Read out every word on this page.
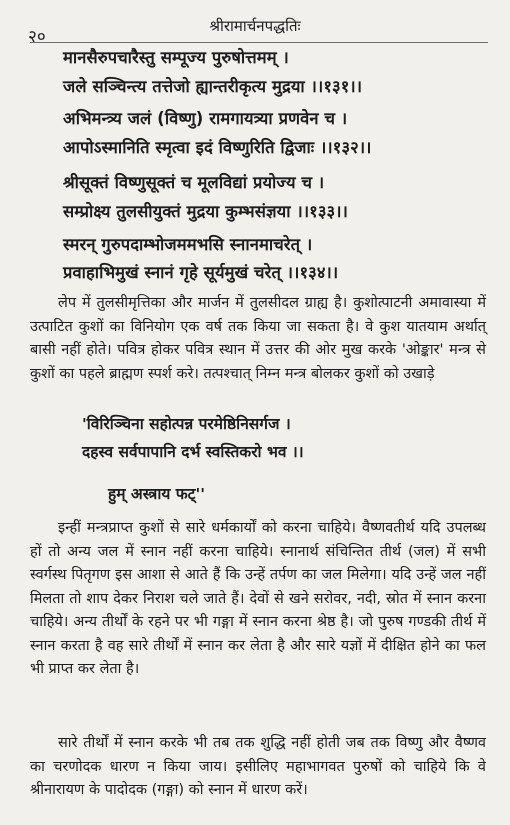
२०
श्रीरामार्चनपद्धतिः
मानसैरुपचारैस्तु सम्पूज्य पुरुषोत्तमम् ।
जले सञ्चिन्त्य तत्तेजो ह्यान्तरीकृत्य मुद्रया ।।१३१।।
अभिमन्त्र्य जलं (विष्णु) रामगायत्र्या प्रणवेन च ।
आपोऽस्मानिति स्मृत्वा इदं विष्णुरिति द्विजाः ।।१३२।।
श्रीसूक्तं विष्णुसूक्तं च मूलविद्यां प्रयोज्य च ।
सम्प्रोक्ष्य तुलसीयुक्तं मुद्रया कुम्भसंज्ञया ।।१३३।।
स्मरन् गुरुपदाम्भोजममभसि स्नानमाचरेत् ।
प्रवाहाभिमुखं स्नानं गृहे सूर्यमुखं चरेत् ।।१३४।।
लेप में तुलसीमृत्तिका और मार्जन में तुलसीदल ग्राह्य है। कुशोत्पाटनी अमावास्या में उत्पाटित कुशों का विनियोग एक वर्ष तक किया जा सकता है। वे कुश यातयाम अर्थात् बासी नहीं होते। पवित्र होकर पवित्र स्थान में उत्तर की ओर मुख करके 'ओङ्कार' मन्त्र से कुशों का पहले ब्राह्मण स्पर्श करे। तत्पश्चात् निम्न मन्त्र बोलकर कुशों को उखाड़े
'विरिञ्चिना सहोत्पन्न परमेष्ठिनिसर्गज ।
दहस्व सर्वपापानि दर्भ स्वस्तिकरो भव ।।
हुम् अस्त्राय फट्''
इन्हीं मन्त्रप्राप्त कुशों से सारे धर्मकार्यों को करना चाहिये। वैष्णवतीर्थ यदि उपलब्ध हों तो अन्य जल में स्नान नहीं करना चाहिये। स्नानार्थ संचिन्तित तीर्थ (जल) में सभी स्वर्गस्थ पितृगण इस आशा से आते हैं कि उन्हें तर्पण का जल मिलेगा। यदि उन्हें जल नहीं मिलता तो शाप देकर निराश चले जाते हैं। देवों से खने सरोवर, नदी, स्रोत में स्नान करना चाहिये। अन्य तीर्थों के रहने पर भी गङ्गा में स्नान करना श्रेष्ठ है। जो पुरुष गण्डकी तीर्थ में स्नान करता है वह सारे तीर्थों में स्नान कर लेता है और सारे यज्ञों में दीक्षित होने का फल भी प्राप्त कर लेता है।
सारे तीर्थों में स्नान करके भी तब तक शुद्धि नहीं होती जब तक विष्णु और वैष्णव का चरणोदक धारण न किया जाय। इसीलिए महाभागवत पुरुषों को चाहिये कि वे श्रीनारायण के पादोदक (गङ्गा) को स्नान में धारण करें।
